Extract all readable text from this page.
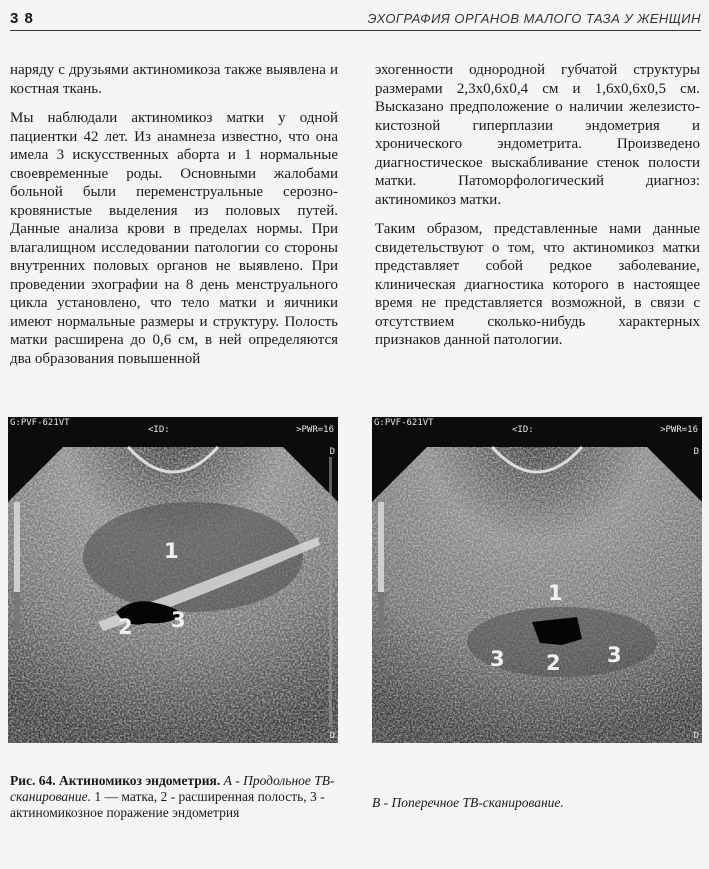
3 8	ЭХОГРАФИЯ ОРГАНОВ МАЛОГО ТАЗА У ЖЕНЩИН

наряду с друзьями актиномикоза также выявлена и костная ткань.

Мы наблюдали актиномикоз матки у одной пациентки 42 лет. Из анамнеза известно, что она имела 3 искусственных аборта и 1 нормальные своевременные роды. Основными жалобами больной были переменструальные серозно-кровянистые выделения из половых путей. Данные анализа крови в пределах нормы. При влагалищном исследовании патологии со стороны внутренних половых органов не выявлено. При проведении эхографии на 8 день менструального цикла установлено, что тело матки и яичники имеют нормальные размеры и структуру. Полость матки расширена до 0,6 см, в ней определяются два образования повышенной

эхогенности однородной губчатой структуры размерами 2,3х0,6х0,4 см и 1,6х0,6х0,5 см. Высказано предположение о наличии железисто-кистозной гиперплазии эндометрия и хронического эндометрита. Произведено диагностическое выскабливание стенок полости матки. Патоморфологический диагноз: актиномикоз матки.

Таким образом, представленные нами данные свидетельствуют о том, что актиномикоз матки представляет собой редкое заболевание, клиническая диагностика которого в настоящее время не представляется возможной, в связи с отсутствием сколько-нибудь характерных признаков данной патологии.

G:PVF-621VT
<ID:	>PWR=16
D
D
1
2 3
G:PVF-621VT
<ID:	>PWR=16
D
D
1
2
3	3
Рис. 64. Актиномикоз эндометрия. А - Продольное ТВ-сканирование. 1 — матка, 2 - расширенная полость, 3 - актиномикозное поражение эндометрия
В - Поперечное ТВ-сканирование.
